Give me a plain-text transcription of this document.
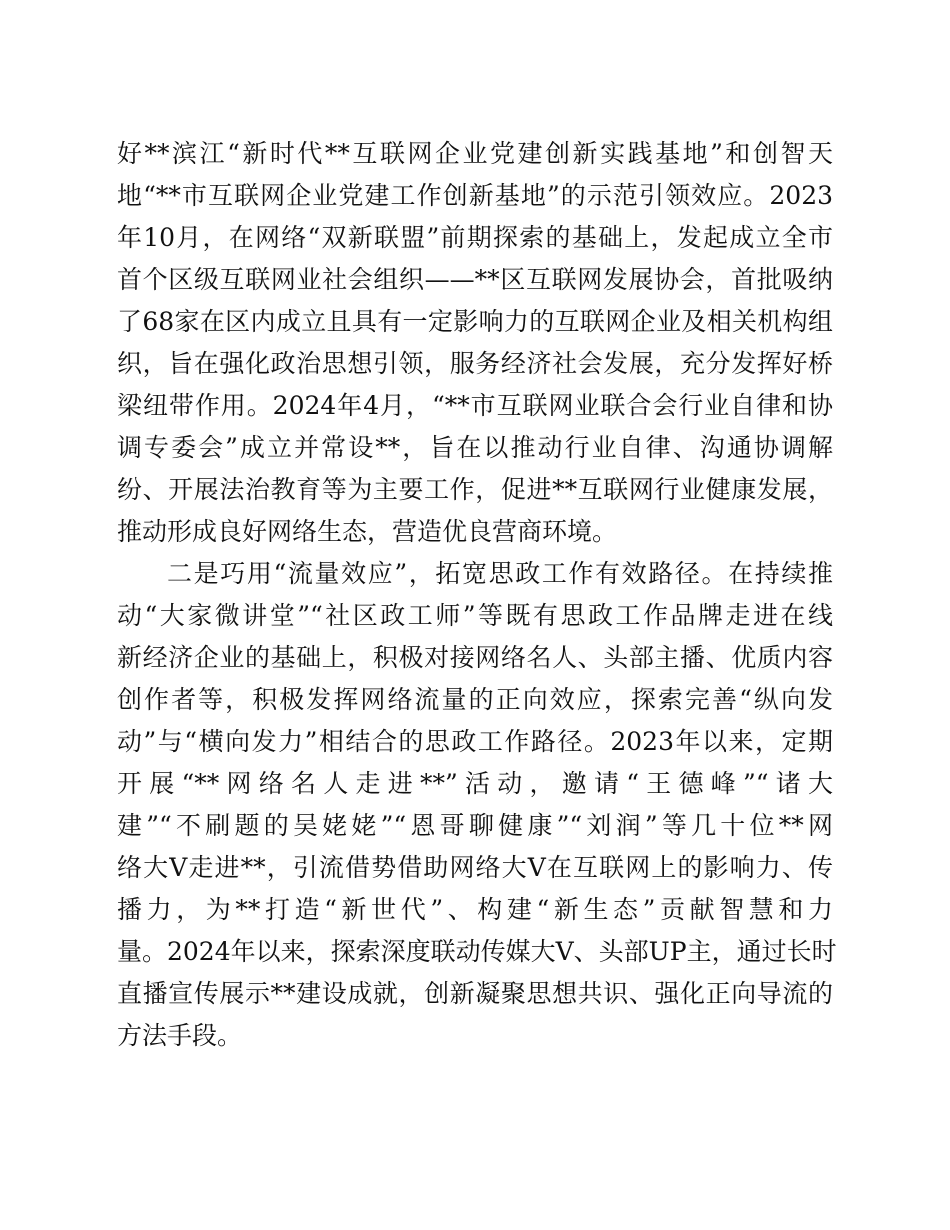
好**滨江“新时代**互联网企业党建创新实践基地”和创智天
地“**市互联网企业党建工作创新基地”的示范引领效应。2023
年10月，在网络“双新联盟”前期探索的基础上，发起成立全市
首个区级互联网业社会组织——**区互联网发展协会，首批吸纳
了68家在区内成立且具有一定影响力的互联网企业及相关机构组
织，旨在强化政治思想引领，服务经济社会发展，充分发挥好桥
梁纽带作用。2024年4月，“**市互联网业联合会行业自律和协
调专委会”成立并常设**，旨在以推动行业自律、沟通协调解
纷、开展法治教育等为主要工作，促进**互联网行业健康发展，
推动形成良好网络生态，营造优良营商环境。
二是巧用“流量效应”，拓宽思政工作有效路径。在持续推
动“大家微讲堂”“社区政工师”等既有思政工作品牌走进在线
新经济企业的基础上，积极对接网络名人、头部主播、优质内容
创作者等，积极发挥网络流量的正向效应，探索完善“纵向发
动”与“横向发力”相结合的思政工作路径。2023年以来，定期
开展“**网络名人走进**”活动，邀请“王德峰”“诸大
建”“不刷题的吴姥姥”“恩哥聊健康”“刘润”等几十位**网
络大V走进**，引流借势借助网络大V在互联网上的影响力、传
播力，为**打造“新世代”、构建“新生态”贡献智慧和力
量。2024年以来，探索深度联动传媒大V、头部UP主，通过长时
直播宣传展示**建设成就，创新凝聚思想共识、强化正向导流的
方法手段。
